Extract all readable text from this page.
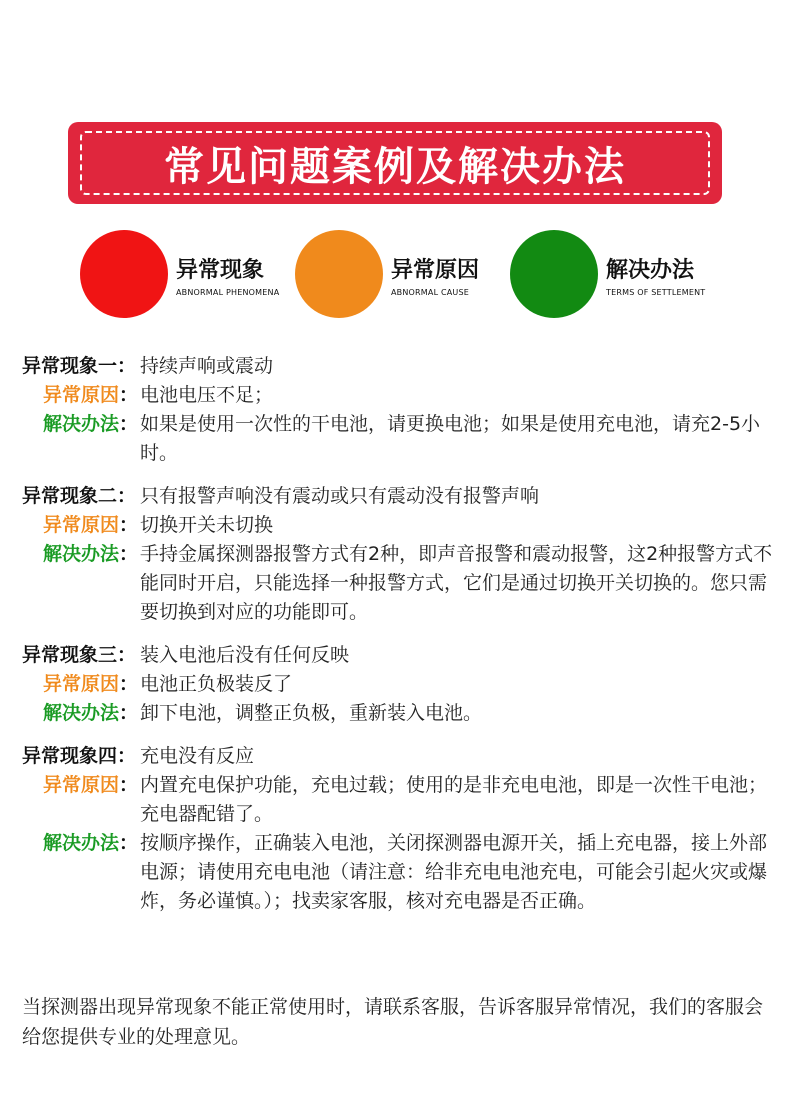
常见问题案例及解决办法
异常现象
ABNORMAL PHENOMENA
异常原因
ABNORMAL CAUSE
解决办法
TERMS OF SETTLEMENT
异常现象一： 持续声响或震动
异常原因： 电池电压不足；
解决办法： 如果是使用一次性的干电池，请更换电池；如果是使用充电池，请充2-5小时。
异常现象二： 只有报警声响没有震动或只有震动没有报警声响
异常原因： 切换开关未切换
解决办法： 手持金属探测器报警方式有2种，即声音报警和震动报警，这2种报警方式不能同时开启，只能选择一种报警方式，它们是通过切换开关切换的。您只需要切换到对应的功能即可。
异常现象三： 装入电池后没有任何反映
异常原因： 电池正负极装反了
解决办法： 卸下电池，调整正负极，重新装入电池。
异常现象四： 充电没有反应
异常原因： 内置充电保护功能，充电过载；使用的是非充电电池，即是一次性干电池；充电器配错了。
解决办法： 按顺序操作，正确装入电池，关闭探测器电源开关，插上充电器，接上外部电源；请使用充电电池（请注意：给非充电电池充电，可能会引起火灾或爆炸，务必谨慎。）；找卖家客服，核对充电器是否正确。
当探测器出现异常现象不能正常使用时，请联系客服，告诉客服异常情况，我们的客服会给您提供专业的处理意见。
